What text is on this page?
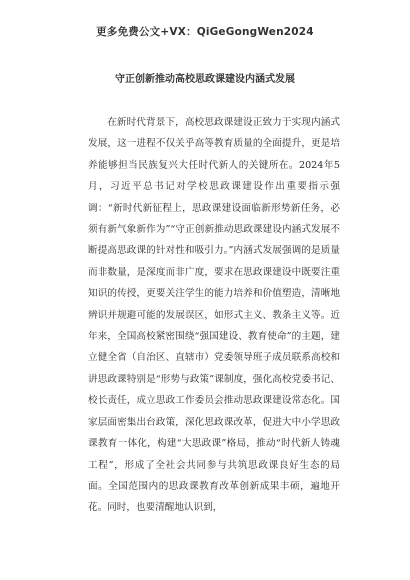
更多免费公文+VX：QiGeGongWen2024
守正创新推动高校思政课建设内涵式发展

在新时代背景下，高校思政课建设正致力于实现内涵式发展，这一进程不仅关乎高等教育质量的全面提升，更是培养能够担当民族复兴大任时代新人的关键所在。2024年5月，习近平总书记对学校思政课建设作出重要指示强调：“新时代新征程上，思政课建设面临新形势新任务，必须有新气象新作为”“守正创新推动思政课建设内涵式发展不断提高思政课的针对性和吸引力。”内涵式发展强调的是质量而非数量，是深度而非广度，要求在思政课建设中既要注重知识的传授，更要关注学生的能力培养和价值塑造，清晰地辨识并规避可能的发展误区，如形式主义、教条主义等。近年来，全国高校紧密围绕“强国建设、教育使命”的主题，建立健全省（自治区、直辖市）党委领导班子成员联系高校和讲思政课特别是“形势与政策”课制度，强化高校党委书记、校长责任，成立思政工作委员会推动思政课建设常态化。国家层面密集出台政策，深化思政课改革，促进大中小学思政课教育一体化，构建“大思政课”格局，推动“时代新人铸魂工程”，形成了全社会共同参与共筑思政课良好生态的局面。全国范围内的思政课教育改革创新成果丰硕，遍地开花。同时，也要清醒地认识到，
